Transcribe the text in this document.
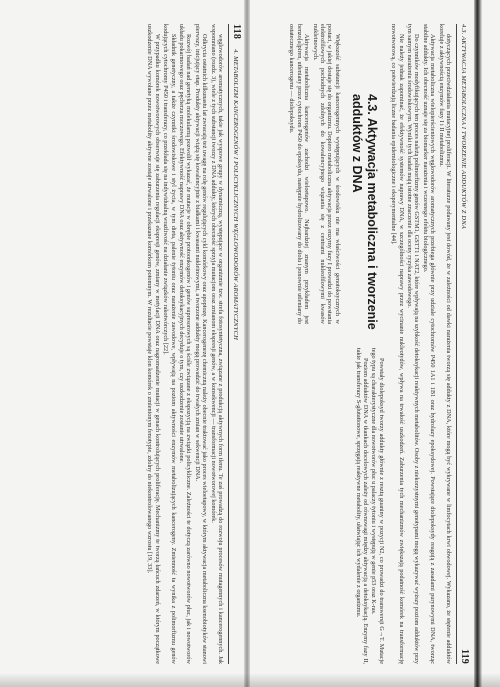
4.3. AKTYWACJA METABOLICZNA I TWORZENIE ADDUKTÓW Z DNA
119

dotyczących przeciwdziałania mutacyjnej proliferacji. W literaturze podawany jest dowód, że w zależności od dawki narażenia tworzą się addukty z DNA, które mogą być wykrywane w limfocytach krwi obwodowej. Wykazano, że stężenie adduktów koreluje z aktywnością enzymów fazy I i II metabolizmu.

Aktywacja metaboliczna wielopierścieniowych węglowodorów aromatycznych przebiega głównie przy udziale cytochromów P450 1A1 i 1B1 oraz hydrolazy epoksydowej. Powstające diolepoksydy reagują z zasadami purynowymi DNA, tworząc stabilne addukty. Ich obecność uznaje się za biomarker narażenia i wczesnego efektu biologicznego.

Do czynników modyfikujących ten proces należą polimorfizmy genów GSTM1, GSTT1 i NAT2, które wpływają na szybkość detoksykacji reaktywnych metabolitów. Osoby z niekorzystnymi genotypami mogą wykazywać wyższy poziom adduktów przy tym samym narażeniu środowiskowym. Wyniki tych badań mają istotne znaczenie dla oceny ryzyka zawodowego.

Nie należy jednak zapominać, że efektywność systemów naprawy DNA, w szczególności naprawy przez wycinanie nukleotydów, wpływa na trwałość uszkodzeń. Zaburzenia tych mechanizmów zwiększają podatność komórek na transformację nowotworową, co potwierdzają liczne badania epidemiologiczne i eksperymentalne [44].

4.3. Aktywacja metaboliczna i tworzenie adduktów z DNA

Większość substancji kancerogennych występujących w środowisku nie ma właściwości genotoksycznych w postaci, w jakiej dostaje się do organizmu. Dopiero metaboliczna aktywacja przez enzymy fazy I prowadzi do powstania elektrofilowych pochodnych zdolnych do kowalencyjnego wiązania się z centrami nukleofilowymi kwasów nukleinowych.

Aktywacja metaboliczna kancerogenów zachodzi wieloetapowo. Najbardziej znanym przykładem jest benzo[a]piren, utleniany przez cytochrom P450 do epoksydu, następnie hydrolizowany do diolu i ponownie utleniany do ostatecznego kancerogenu — diolepoksydu.

Powstały diolepoksyd tworzy addukty głównie z resztą guaniny w pozycji N2, co prowadzi do transwersji G→T. Mutacje tego typu są charakterystyczne dla nowotworów płuc u palaczy tytoniu i występują w genie p53 oraz K-ras.

Poziom adduktów DNA w tkankach docelowych zależy od równowagi między aktywacją a detoksykacją. Enzymy fazy II, takie jak transferazy S-glutationowe, sprzęgają reaktywne metabolity, ułatwiając ich wydalenie z organizmu.

118
4. METABOLIZM KANCEROGENÓW I POLICYKLICZNYCH WĘGLOWODORÓW AROMATYCZNYCH

węglowodorów aromatycznych, takie jak wyspowe grupy w dynamiczną, występujące w organizmie tzw. strefa fotosyntetyczna, związane z produkcją aktywnych form tlenu. Te zaś prowadzą do rozwoju procesów mutagennych i kancerogennych. Jak wspomniano (rozdz. 3), wiele z tych substancji tworzy z DNA addukty, których obecność sprzyja mutacjom oraz zmianom ekspresji genów, a w konsekwencji — transformacji nowotworowej komórek.

Odkrycia ostatnich kilkunastu lat zwracają też uwagę na rolę genów regulujących cykl komórkowy oraz apoptozę. Kancerogenezę chemiczną należy obecnie traktować jako proces wieloetapowy, w którym aktywacja metaboliczna ksenobiotyków stanowi pierwszy, inicjujący etap. Produkty aktywacji wiążą się kowalencyjnie z białkami i kwasami nukleinowymi, a tworzone addukty mogą prowadzić do trwałych zmian w sekwencji DNA.

Rozwój badań nad genetyką molekularną pozwolił wykazać, że mutacje w obrębie protoonkogenów i genów supresorowych są ściśle związane z ekspozycją na związki policykliczne. Zależności te dotyczą zarówno nowotworów płuc, jak i nowotworów układu pokarmowego oraz pęcherza moczowego. Efektywność naprawy DNA oraz aktywność enzymów detoksykacyjnych decyduje o tym, czy uszkodzenie zostanie utrwalone.

Składnik genetyczny, a także czynniki środowiskowe i styl życia, w tym dieta, palenie tytoniu oraz narażenie zawodowe, wpływają na poziom aktywności enzymów metabolizujących kancerogeny. Zmienność ta wynika z polimorfizmu genów kodujących cytochromy P450 i transferazy, co przekłada się na indywidualną wrażliwość na działanie związków rakotwórczych [22].

W przypadku komórek nowotworowych obserwuje się zaburzenia regulacji ekspresji genów, zmiany w metylacji DNA oraz nagromadzenie mutacji w genach kontrolujących proliferację. Mechanizmy te tworzą łańcuch zdarzeń, w którym początkowe uszkodzenie DNA wywołane przez metabolity aktywne zostaje utrwalone i przekazane komórkom potomnym. W rezultacie powstaje klon komórek o zmienionym fenotypie, zdolny do niekontrolowanego wzrostu [19, 33].
